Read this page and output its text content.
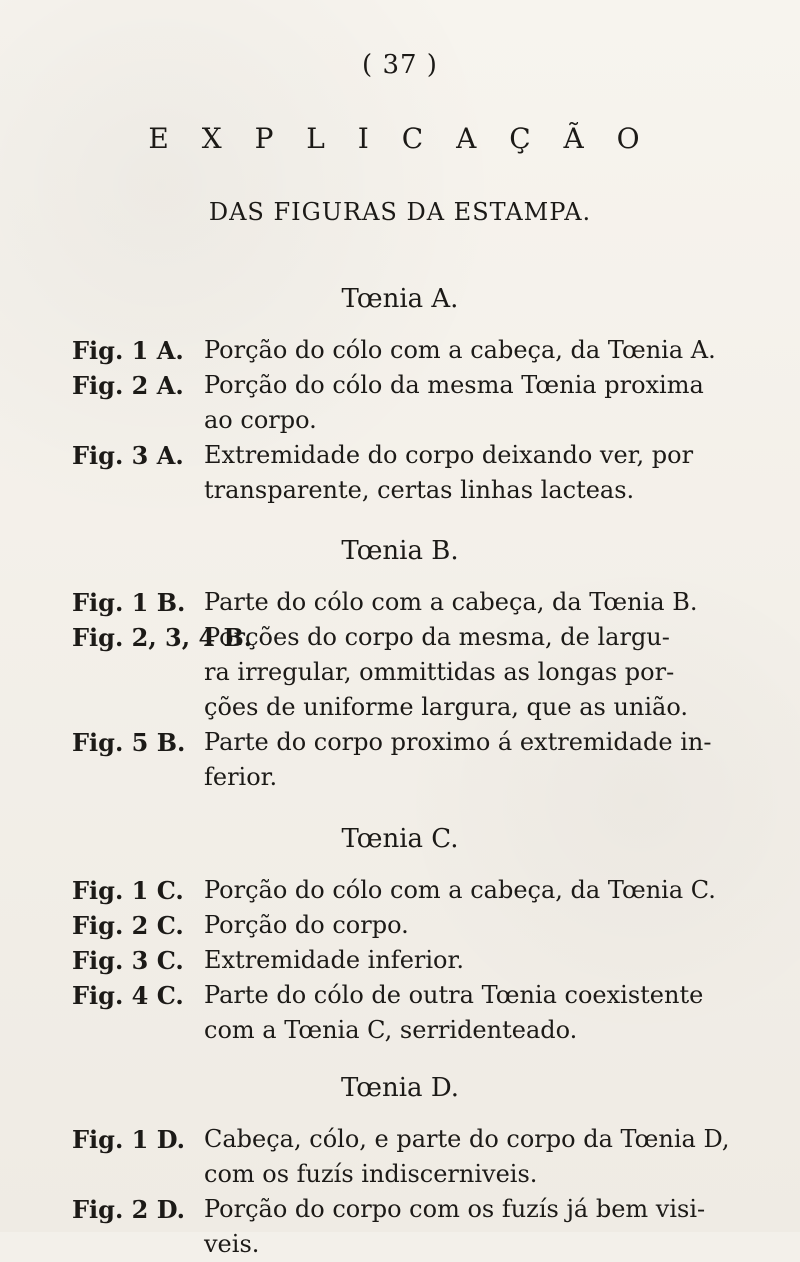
( 37 )
E X P L I C A Ç Ã O
DAS FIGURAS DA ESTAMPA.
Tœnia A.
Fig. 1 A. Porção do cólo com a cabeça, da Tœnia A.
Fig. 2 A. Porção do cólo da mesma Tœnia proxima
ao corpo.
Fig. 3 A. Extremidade do corpo deixando ver, por
transparente, certas linhas lacteas.
Tœnia B.
Fig. 1 B. Parte do cólo com a cabeça, da Tœnia B.
Fig. 2, 3, 4 B.
Porções do corpo da mesma, de largu-
ra irregular, ommittidas as longas por-
ções de uniforme largura, que as união.
Fig. 5 B. Parte do corpo proximo á extremidade in-
ferior.
Tœnia C.
Fig. 1 C. Porção do cólo com a cabeça, da Tœnia C.
Fig. 2 C. Porção do corpo.
Fig. 3 C. Extremidade inferior.
Fig. 4 C. Parte do cólo de outra Tœnia coexistente
com a Tœnia C, serridenteado.
Tœnia D.
Fig. 1 D. Cabeça, cólo, e parte do corpo da Tœnia D,
com os fuzís indiscerniveis.
Fig. 2 D. Porção do corpo com os fuzís já bem visi-
veis.
